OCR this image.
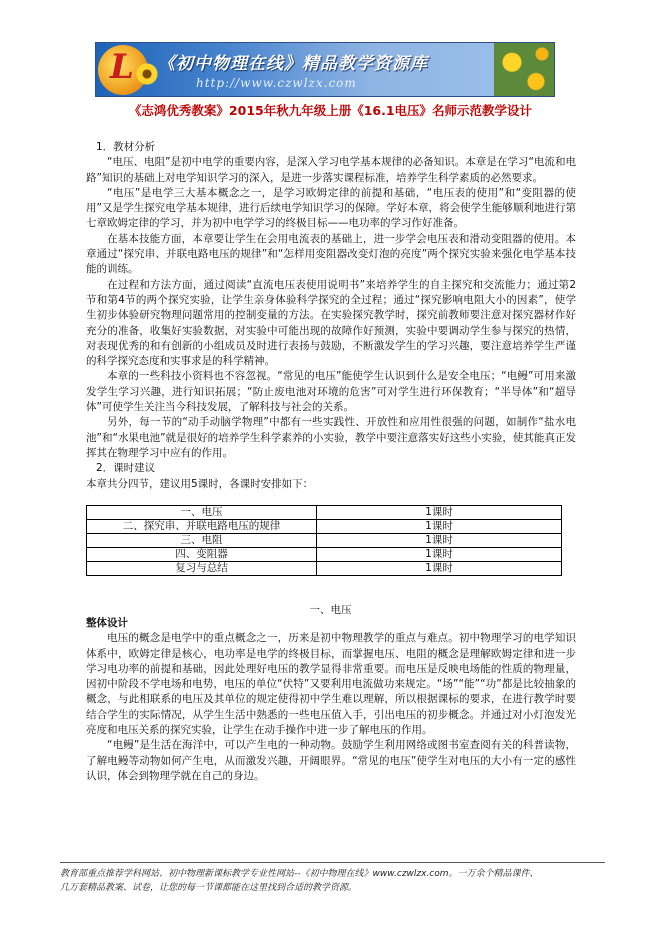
L 《初中物理在线》精品教学资源库
http://www.czwlzx.com
《志鸿优秀教案》2015年秋九年级上册《16.1电压》名师示范教学设计

1．教材分析

“电压、电阻”是初中电学的重要内容，是深入学习电学基本规律的必备知识。本章是在学习“电流和电路”知识的基础上对电学知识学习的深入，是进一步落实课程标准，培养学生科学素质的必然要求。

“电压”是电学三大基本概念之一，是学习欧姆定律的前提和基础，“电压表的使用”和“变阻器的使用”又是学生探究电学基本规律，进行后续电学知识学习的保障。学好本章，将会使学生能够顺利地进行第七章欧姆定律的学习，并为初中电学学习的终极目标——电功率的学习作好准备。

在基本技能方面，本章要让学生在会用电流表的基础上，进一步学会电压表和滑动变阻器的使用。本章通过“探究串、并联电路电压的规律”和“怎样用变阻器改变灯泡的亮度”两个探究实验来强化电学基本技能的训练。

在过程和方法方面，通过阅读“直流电压表使用说明书”来培养学生的自主探究和交流能力；通过第2节和第4节的两个探究实验，让学生亲身体验科学探究的全过程；通过“探究影响电阻大小的因素”，使学生初步体验研究物理问题常用的控制变量的方法。在实验探究教学时，探究前教师要注意对探究器材作好充分的准备，收集好实验数据，对实验中可能出现的故障作好预测，实验中要调动学生参与探究的热情，对表现优秀的和有创新的小组成员及时进行表扬与鼓励，不断激发学生的学习兴趣，要注意培养学生严谨的科学探究态度和实事求是的科学精神。

本章的一些科技小资料也不容忽视。“常见的电压”能使学生认识到什么是安全电压；“电鳗”可用来激发学生学习兴趣，进行知识拓展；“防止废电池对环境的危害”可对学生进行环保教育；“半导体”和“超导体”可使学生关注当今科技发展，了解科技与社会的关系。

另外，每一节的“动手动脑学物理”中都有一些实践性、开放性和应用性很强的问题，如制作“盐水电池”和“水果电池”就是很好的培养学生科学素养的小实验，教学中要注意落实好这些小实验，使其能真正发挥其在物理学习中应有的作用。

2．课时建议

本章共分四节，建议用5课时，各课时安排如下：

一、电压	1课时
二、探究串、并联电路电压的规律	1课时
三、电阻	1课时
四、变阻器	1课时
复习与总结	1课时
一、电压

整体设计

电压的概念是电学中的重点概念之一，历来是初中物理教学的重点与难点。初中物理学习的电学知识体系中，欧姆定律是核心，电功率是电学的终极目标，而掌握电压、电阻的概念是理解欧姆定律和进一步学习电功率的前提和基础，因此处理好电压的教学显得非常重要。而电压是反映电场能的性质的物理量，因初中阶段不学电场和电势，电压的单位“伏特”又要利用电流做功来规定。“场”“能”“功”都是比较抽象的概念，与此相联系的电压及其单位的规定使得初中学生难以理解，所以根据课标的要求，在进行教学时要结合学生的实际情况，从学生生活中熟悉的一些电压值入手，引出电压的初步概念。并通过对小灯泡发光亮度和电压关系的探究实验，让学生在动手操作中进一步了解电压的作用。

“电鳗”是生活在海洋中，可以产生电的一种动物。鼓励学生利用网络或图书室查阅有关的科普读物，了解电鳗等动物如何产生电，从而激发兴趣，开阔眼界。“常见的电压”使学生对电压的大小有一定的感性认识，体会到物理学就在自己的身边。

教育部重点推荐学科网站、初中物理新课标教学专业性网站--《初中物理在线》www.czwlzx.com。一万余个精品课件、
几万套精品教案、试卷，让您的每一节课都能在这里找到合适的教学资源。
